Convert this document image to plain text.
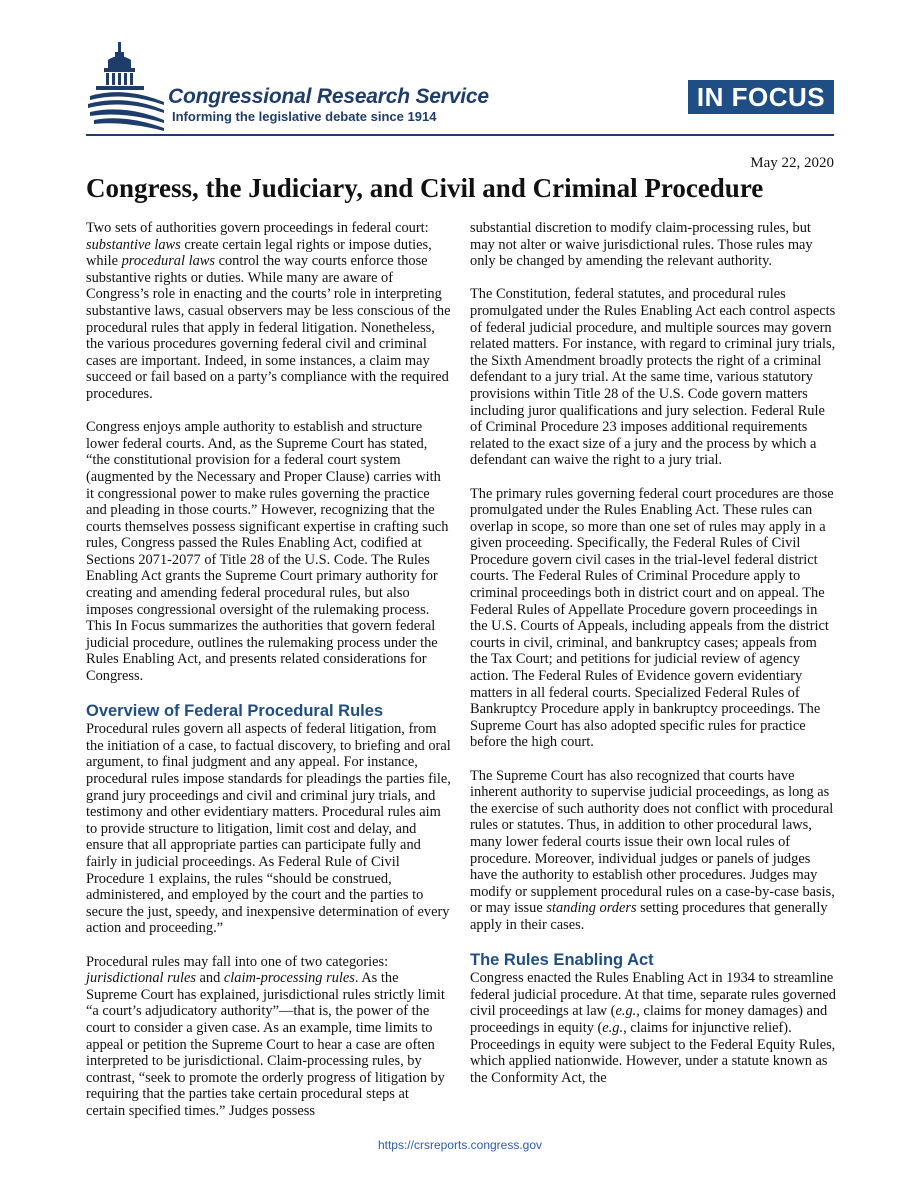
Congressional Research Service
Informing the legislative debate since 1914
IN FOCUS
May 22, 2020
Congress, the Judiciary, and Civil and Criminal Procedure

Two sets of authorities govern proceedings in federal court: substantive laws create certain legal rights or impose duties, while procedural laws control the way courts enforce those substantive rights or duties. While many are aware of Congress’s role in enacting and the courts’ role in interpreting substantive laws, casual observers may be less conscious of the procedural rules that apply in federal litigation. Nonetheless, the various procedures governing federal civil and criminal cases are important. Indeed, in some instances, a claim may succeed or fail based on a party’s compliance with the required procedures.

Congress enjoys ample authority to establish and structure lower federal courts. And, as the Supreme Court has stated, “the constitutional provision for a federal court system (augmented by the Necessary and Proper Clause) carries with it congressional power to make rules governing the practice and pleading in those courts.” However, recognizing that the courts themselves possess significant expertise in crafting such rules, Congress passed the Rules Enabling Act, codified at Sections 2071-2077 of Title 28 of the U.S. Code. The Rules Enabling Act grants the Supreme Court primary authority for creating and amending federal procedural rules, but also imposes congressional oversight of the rulemaking process. This In Focus summarizes the authorities that govern federal judicial procedure, outlines the rulemaking process under the Rules Enabling Act, and presents related considerations for Congress.

Overview of Federal Procedural Rules

Procedural rules govern all aspects of federal litigation, from the initiation of a case, to factual discovery, to briefing and oral argument, to final judgment and any appeal. For instance, procedural rules impose standards for pleadings the parties file, grand jury proceedings and civil and criminal jury trials, and testimony and other evidentiary matters. Procedural rules aim to provide structure to litigation, limit cost and delay, and ensure that all appropriate parties can participate fully and fairly in judicial proceedings. As Federal Rule of Civil Procedure 1 explains, the rules “should be construed, administered, and employed by the court and the parties to secure the just, speedy, and inexpensive determination of every action and proceeding.”

Procedural rules may fall into one of two categories: jurisdictional rules and claim-processing rules. As the Supreme Court has explained, jurisdictional rules strictly limit “a court’s adjudicatory authority”—that is, the power of the court to consider a given case. As an example, time limits to appeal or petition the Supreme Court to hear a case are often interpreted to be jurisdictional. Claim-processing rules, by contrast, “seek to promote the orderly progress of litigation by requiring that the parties take certain procedural steps at certain specified times.” Judges possess

substantial discretion to modify claim-processing rules, but may not alter or waive jurisdictional rules. Those rules may only be changed by amending the relevant authority.

The Constitution, federal statutes, and procedural rules promulgated under the Rules Enabling Act each control aspects of federal judicial procedure, and multiple sources may govern related matters. For instance, with regard to criminal jury trials, the Sixth Amendment broadly protects the right of a criminal defendant to a jury trial. At the same time, various statutory provisions within Title 28 of the U.S. Code govern matters including juror qualifications and jury selection. Federal Rule of Criminal Procedure 23 imposes additional requirements related to the exact size of a jury and the process by which a defendant can waive the right to a jury trial.

The primary rules governing federal court procedures are those promulgated under the Rules Enabling Act. These rules can overlap in scope, so more than one set of rules may apply in a given proceeding. Specifically, the Federal Rules of Civil Procedure govern civil cases in the trial-level federal district courts. The Federal Rules of Criminal Procedure apply to criminal proceedings both in district court and on appeal. The Federal Rules of Appellate Procedure govern proceedings in the U.S. Courts of Appeals, including appeals from the district courts in civil, criminal, and bankruptcy cases; appeals from the Tax Court; and petitions for judicial review of agency action. The Federal Rules of Evidence govern evidentiary matters in all federal courts. Specialized Federal Rules of Bankruptcy Procedure apply in bankruptcy proceedings. The Supreme Court has also adopted specific rules for practice before the high court.

The Supreme Court has also recognized that courts have inherent authority to supervise judicial proceedings, as long as the exercise of such authority does not conflict with procedural rules or statutes. Thus, in addition to other procedural laws, many lower federal courts issue their own local rules of procedure. Moreover, individual judges or panels of judges have the authority to establish other procedures. Judges may modify or supplement procedural rules on a case-by-case basis, or may issue standing orders setting procedures that generally apply in their cases.

The Rules Enabling Act

Congress enacted the Rules Enabling Act in 1934 to streamline federal judicial procedure. At that time, separate rules governed civil proceedings at law (e.g., claims for money damages) and proceedings in equity (e.g., claims for injunctive relief). Proceedings in equity were subject to the Federal Equity Rules, which applied nationwide. However, under a statute known as the Conformity Act, the

https://crsreports.congress.gov
